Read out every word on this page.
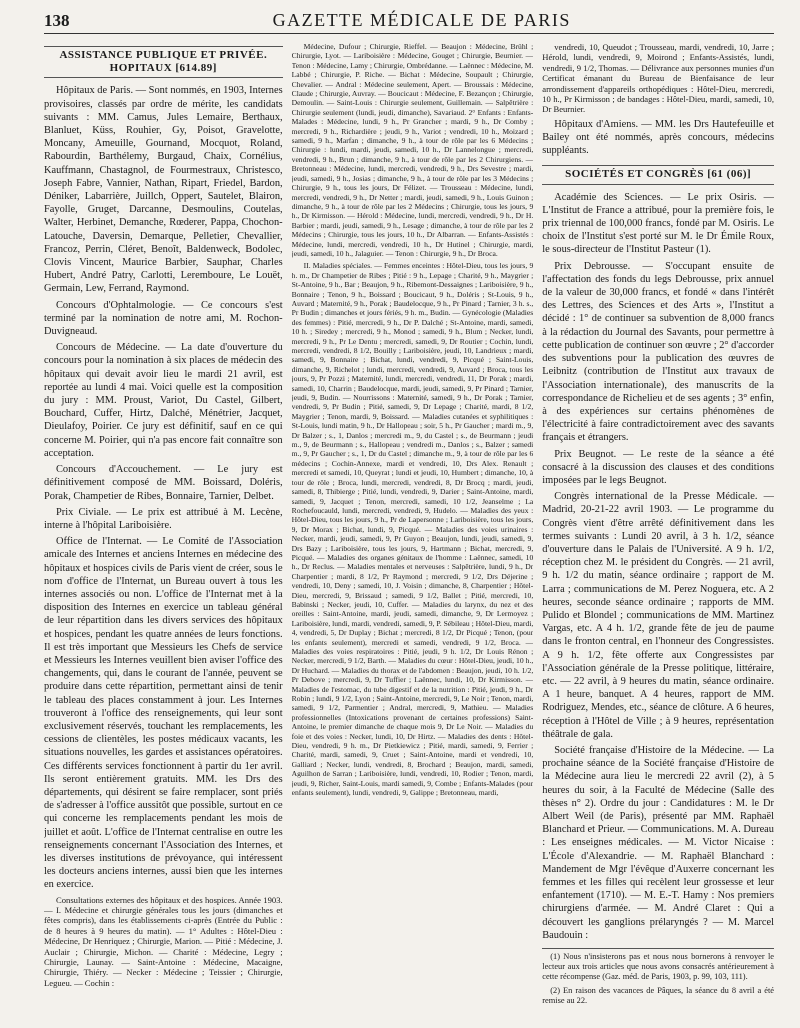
138	GAZETTE MÉDICALE DE PARIS
ASSISTANCE PUBLIQUE ET PRIVÉE. HOPITAUX [614.89]

Hôpitaux de Paris. — Sont nommés, en 1903, Internes provisoires, classés par ordre de mérite, les candidats suivants : MM. Camus, Jules Lemaire, Berthaux, Blanluet, Küss, Rouhier, Gy, Poisot, Gravelotte, Moncany, Ameuille, Gournand, Mocquot, Roland, Rabourdin, Barthélemy, Burgaud, Chaix, Cornélius, Kauffmann, Chastagnol, de Fourmestraux, Christesco, Joseph Fabre, Vannier, Nathan, Ripart, Friedel, Bardon, Déniker, Labarrière, Juillch, Oppert, Sautelet, Blairon, Fayolle, Gruget, Darcanne, Desmoulins, Coutelas, Walter, Herbinet, Demanche, Rœderer, Pappa, Chochon-Latouche, Daversin, Demarque, Pelletier, Chevallier, Francoz, Perrin, Cléret, Benoît, Baldenweck, Bodolec, Clovis Vincent, Maurice Barbier, Sauphar, Charles Hubert, André Patry, Carlotti, Lerembourе, Le Louët, Germain, Lew, Ferrand, Raymond.

Concours d'Ophtalmologie. — Ce concours s'est terminé par la nomination de notre ami, M. Rochon-Duvigneaud.

Concours de Médecine. — La date d'ouverture du concours pour la nomination à six places de médecin des hôpitaux qui devait avoir lieu le mardi 21 avril, est reportée au lundi 4 mai. Voici quelle est la composition du jury : MM. Proust, Variot, Du Castel, Gilbert, Bouchard, Cuffer, Hirtz, Dalché, Ménétrier, Jacquet, Dieulafoy, Poirier. Ce jury est définitif, sauf en ce qui concerne M. Poirier, qui n'a pas encore fait connaître son acceptation.

Concours d'Accouchement. — Le jury est définitivement composé de MM. Boissard, Doléris, Porak, Champetier de Ribes, Bonnaire, Tarnier, Delbet.

Prix Civiale. — Le prix est attribué à M. Lecène, interne à l'hôpital Lariboisière.

Office de l'Internat. — Le Comité de l'Association amicale des Internes et anciens Internes en médecine des hôpitaux et hospices civils de Paris vient de créer, sous le nom d'office de l'Internat, un Bureau ouvert à tous les internes associés ou non. L'office de l'Internat met à la disposition des Internes en exercice un tableau général de leur répartition dans les divers services des hôpitaux et hospices, pendant les quatre années de leurs fonctions. Il est très important que Messieurs les Chefs de service et Messieurs les Internes veuillent bien aviser l'office des changements, qui, dans le courant de l'année, peuvent se produire dans cette répartition, permettant ainsi de tenir le tableau des places constamment à jour. Les Internes trouveront à l'office des renseignements, qui leur sont exclusivement réservés, touchant les remplacements, les cessions de clientèles, les postes médicaux vacants, les situations nouvelles, les gardes et assistances opératoires. Ces différents services fonctionnent à partir du 1er avril. Ils seront entièrement gratuits. MM. les Drs des départements, qui désirent se faire remplacer, sont priés de s'adresser à l'office aussitôt que possible, surtout en ce qui concerne les remplacements pendant les mois de juillet et août. L'office de l'Internat centralise en outre les renseignements concernant l'Association des Internes, et les diverses institutions de prévoyance, qui intéressent les docteurs anciens internes, aussi bien que les internes en exercice.

Consultations externes des hôpitaux et des hospices. Année 1903. — I. Médecine et chirurgie générales tous les jours (dimanches et fêtes compris), dans les établissements ci-après (Entrée du Public : de 8 heures à 9 heures du matin). — 1° Adultes : Hôtel-Dieu : Médecine, Dr Henriquez ; Chirurgie, Marion. — Pitié : Médecine, J. Auclair ; Chirurgie, Michon. — Charité : Médecine, Legry ; Chirurgie, Launay. — Saint-Antoine : Médecine, Macaigne, Chirurgie, Thiéry. — Necker : Médecine ; Teissier ; Chirurgie, Legueu. — Cochin :

Médecine, Dufour ; Chirurgie, Rieffel. — Beaujon : Médecine, Brühl ; Chirurgie, Lyot. — Lariboisière : Médecine, Gouget ; Chirurgie, Beurnier. — Tenon : Médecine, Lamy ; Chirurgie, Ombrédanne. — Laënnec : Médecine, M. Labbé ; Chirurgie, P. Riche. — Bichat : Médecine, Soupault ; Chirurgie, Chevalier. — Andral : Médecine seulement, Apert. — Broussais : Médecine, Claude ; Chirurgie, Auvray. — Boucicaut : Médecine, F. Bezançon ; Chirurgie, Demoulin. — Saint-Louis : Chirurgie seulement, Guillemain. — Salpêtrière : Chirurgie seulement (lundi, jeudi, dimanche), Savariaud. 2° Enfants : Enfants-Malades : Médecine, lundi, 9 h., Pr Grancher ; mardi, 9 h., Dr Comby ; mercredi, 9 h., Richardière ; jeudi, 9 h., Variot ; vendredi, 10 h., Moizard ; samedi, 9 h., Marfan ; dimanche, 9 h., à tour de rôle par les 6 Médecins ; Chirurgie : lundi, mardi, jeudi, samedi, 10 h., Dr Lannelongue ; mercredi, vendredi, 9 h., Brun ; dimanche, 9 h., à tour de rôle par les 2 Chirurgiens. — Bretonneau : Médecine, lundi, mercredi, vendredi, 9 h., Drs Sevestre ; mardi, jeudi, samedi, 9 h., Josias ; dimanche, 9 h., à tour de rôle par les 3 Médecins ; Chirurgie, 9 h., tous les jours, Dr Félizet. — Trousseau : Médecine, lundi, mercredi, vendredi, 9 h., Dr Netter ; mardi, jeudi, samedi, 9 h., Louis Guinon ; dimanche, 9 h., à tour de rôle par les 2 Médecins ; Chirurgie, tous les jours, 9 h., Dr Kirmisson. — Hérold : Médecine, lundi, mercredi, vendredi, 9 h., Dr H. Barbier ; mardi, jeudi, samedi, 9 h., Lesage ; dimanche, à tour de rôle par les 2 Médecins ; Chirurgie, tous les jours, 10 h., Dr Albarran. — Enfants-Assistés : Médecine, lundi, mercredi, vendredi, 10 h., Dr Hutinel ; Chirurgie, mardi, jeudi, samedi, 10 h., Jalaguier. — Tenon : Chirurgie, 9 h., Dr Broca.

II. Maladies spéciales. — Femmes enceintes : Hôtel-Dieu, tous les jours, 9 h. m., Dr Champetier de Ribes ; Pitié : 9 h., Lepage ; Charité, 9 h., Maygrier ; St-Antoine, 9 h., Bar ; Beaujon, 9 h., Ribemont-Dessaignes ; Lariboisière, 9 h., Bonnaire ; Tenon, 9 h., Boissard ; Boucicaut, 9 h., Doléris ; St-Louis, 9 h., Auvard ; Maternité, 9 h., Porak ; Baudelocque, 9 h., Pr Pinard ; Tarnier, 3 h. s., Pr Budin ; dimanches et jours fériés, 9 h. m., Budin. — Gynécologie (Maladies des femmes) : Pitié, mercredi, 9 h., Dr P. Dalché ; St-Antoine, mardi, samedi, 10 h. ; Siredey ; mercredi, 9 h., Monod ; samedi, 9 h., Blum ; Necker, lundi, mercredi, 9 h., Pr Le Dentu ; mercredi, samedi, 9, Dr Routier ; Cochin, lundi, mercredi, vendredi, 8 1/2, Bouilly ; Lariboisière, jeudi, 10, Landrieux ; mardi, samedi, 9, Bonnaire ; Bichat, lundi, vendredi, 9, Picqué ; Saint-Louis, dimanche, 9, Richelot ; lundi, mercredi, vendredi, 9, Auvard ; Broca, tous les jours, 9, Pr Pozzi ; Maternité, lundi, mercredi, vendredi, 11, Dr Porak ; mardi, samedi, 10, Charrin ; Baudelocque, mardi, jeudi, samedi, 9, Pr Pinard ; Tarnier, jeudi, 9, Budin. — Nourrissons : Maternité, samedi, 9 h., Dr Porak ; Tarnier, vendredi, 9, Pr Budin ; Pitié, samedi, 9, Dr Lepage ; Charité, mardi, 8 1/2, Maygrier ; Tenon, mardi, 9, Boissard. — Maladies cutanées et syphilitiques : St-Louis, lundi matin, 9 h., Dr Hallopeau ; soir, 5 h., Pr Gaucher ; mardi m., 9, Dr Balzer ; s., 1, Danlos ; mercredi m., 9, du Castel ; s., de Beurmann ; jeudi m., 9, de Beurmann ; s., Hallopeau ; vendredi m., Danlos ; s., Balzer ; samedi m., 9, Pr Gaucher ; s., 1, Dr du Castel ; dimanche m., 9, à tour de rôle par les 6 médecins ; Cochin-Annexe, mardi et vendredi, 10, Drs Alex. Renault ; mercredi et samedi, 10, Queyrat ; lundi et jeudi, 10, Humbert ; dimanche, 10, à tour de rôle ; Broca, lundi, mercredi, vendredi, 8, Dr Brocq ; mardi, jeudi, samedi, 8, Thibierge ; Pitié, lundi, vendredi, 9, Darier ; Saint-Antoine, mardi, samedi, 9, Jacquet ; Tenon, mercredi, samedi, 10 1/2, Jeanselme ; La Rochefoucauld, lundi, mercredi, vendredi, 9, Hudelo. — Maladies des yeux : Hôtel-Dieu, tous les jours, 9 h., Pr de Lapersonne ; Lariboisière, tous les jours, 9, Dr Morax ; Bichat, lundi, 9, Picqué. — Maladies des voies urinaires : Necker, mardi, jeudi, samedi, 9, Pr Guyon ; Beaujon, lundi, jeudi, samedi, 9, Drs Bazy ; Lariboisière, tous les jours, 9, Hartmann ; Bichat, mercredi, 9, Picqué. — Maladies des organes génitaux de l'homme : Laënnec, samedi, 10 h., Dr Reclus. — Maladies mentales et nerveuses : Salpêtrière, lundi, 9 h., Dr Charpentier ; mardi, 8 1/2, Pr Raymond ; mercredi, 9 1/2, Drs Déjerine ; vendredi, 10, Deny ; samedi, 10, J. Voisin ; dimanche, 8, Charpentier ; Hôtel-Dieu, mercredi, 9, Brissaud ; samedi, 9 1/2, Ballet ; Pitié, mercredi, 10, Babinski ; Necker, jeudi, 10, Cuffer. — Maladies du larynx, du nez et des oreilles : Saint-Antoine, mardi, jeudi, samedi, dimanche, 9, Dr Lermoyez ; Lariboisière, lundi, mardi, vendredi, samedi, 9, P. Sébileau ; Hôtel-Dieu, mardi, 4, vendredi, 5, Dr Duplay ; Bichat ; mercredi, 8 1/2, Dr Picqué ; Tenon, (pour les enfants seulement), mercredi et samedi, vendredi, 9 1/2, Broca. — Maladies des voies respiratoires : Pitié, jeudi, 9 h. 1/2, Dr Louis Rénon ; Necker, mercredi, 9 1/2, Barth. — Maladies du cœur : Hôtel-Dieu, jeudi, 10 h., Dr Huchard. — Maladies du thorax et de l'abdomen : Beaujon, jeudi, 10 h. 1/2, Pr Debove ; mercredi, 9, Dr Tuffier ; Laënnec, lundi, 10, Dr Kirmisson. — Maladies de l'estomac, du tube digestif et de la nutrition : Pitié, jeudi, 9 h., Dr Robin ; lundi, 9 1/2, Lyon ; Saint-Antoine, mercredi, 9, Le Noir ; Tenon, mardi, samedi, 9 1/2, Parmentier ; Andral, mercredi, 9, Mathieu. — Maladies professionnelles (Intoxications provenant de certaines professions) Saint-Antoine, le premier dimanche de chaque mois 9, Dr Le Noir. — Maladies du foie et des voies : Necker, lundi, 10, Dr Hirtz. — Maladies des dents : Hôtel-Dieu, vendredi, 9 h. m., Dr Pietkiewicz ; Pitié, mardi, samedi, 9, Ferrier ; Charité, mardi, samedi, 9, Cruet ; Saint-Antoine, mardi et vendredi, 10, Galliard ; Necker, lundi, vendredi, 8, Brochard ; Beaujon, mardi, samedi, Aguilhon de Sarran ; Lariboisière, lundi, vendredi, 10, Rodier ; Tenon, mardi, jeudi, 9, Richer, Saint-Louis, mardi samedi, 9, Combe ; Enfants-Malades (pour enfants seulement), lundi, vendredi, 9, Galippe ; Bretonneau, mardi,

vendredi, 10, Queudot ; Trousseau, mardi, vendredi, 10, Jarre ; Hérold, lundi, vendredi, 9, Moirond ; Enfants-Assistés, lundi, vendredi, 9 1/2, Thomas. — Délivrance aux personnes munies d'un Certificat émanant du Bureau de Bienfaisance de leur arrondissement d'appareils orthopédiques : Hôtel-Dieu, mercredi, 10 h., Pr Kirmisson ; de bandages : Hôtel-Dieu, mardi, samedi, 10, Dr Beurnier.

Hôpitaux d'Amiens. — MM. les Drs Hautefeuille et Bailey ont été nommés, après concours, médecins suppléants.

SOCIÉTÉS ET CONGRÈS [61 (06)]

Académie des Sciences. — Le prix Osiris. — L'Institut de France a attribué, pour la première fois, le prix triennal de 100,000 francs, fondé par M. Osiris. Le choix de l'Institut s'est porté sur M. le Dr Émile Roux, le sous-directeur de l'Institut Pasteur (1).

Prix Debrousse. — S'occupant ensuite de l'affectation des fonds du legs Debrousse, prix annuel de la valeur de 30,000 francs, et fondé « dans l'intérêt des Lettres, des Sciences et des Arts », l'Institut a décidé : 1° de continuer sa subvention de 8,000 francs à la rédaction du Journal des Savants, pour permettre à cette publication de continuer son œuvre ; 2° d'accorder des subventions pour la publication des œuvres de Leibnitz (contribution de l'Institut aux travaux de l'Association internationale), des manuscrits de la correspondance de Richelieu et de ses agents ; 3° enfin, à des expériences sur certains phénomènes de l'électricité à faire contradictoirement avec des savants français et étrangers.

Prix Beugnot. — Le reste de la séance a été consacré à la discussion des clauses et des conditions imposées par le legs Beugnot.

Congrès international de la Presse Médicale. — Madrid, 20-21-22 avril 1903. — Le programme du Congrès vient d'être arrêté définitivement dans les termes suivants : Lundi 20 avril, à 3 h. 1/2, séance d'ouverture dans le Palais de l'Université. A 9 h. 1/2, réception chez M. le président du Congrès. — 21 avril, 9 h. 1/2 du matin, séance ordinaire ; rapport de M. Larra ; communications de M. Perez Noguera, etc. A 2 heures, seconde séance ordinaire ; rapports de MM. Pulido et Blondel ; communications de MM. Martinez Vargas, etc. A 4 h. 1/2, grande fête de jeu de paume dans le fronton central, en l'honneur des Congressistes. A 9 h. 1/2, fête offerte aux Congressistes par l'Association générale de la Presse politique, littéraire, etc. — 22 avril, à 9 heures du matin, séance ordinaire. A 1 heure, banquet. A 4 heures, rapport de MM. Rodriguez, Mendes, etc., séance de clôture. A 6 heures, réception à l'Hôtel de Ville ; à 9 heures, représentation théâtrale de gala.

Société française d'Histoire de la Médecine. — La prochaine séance de la Société française d'Histoire de la Médecine aura lieu le mercredi 22 avril (2), à 5 heures du soir, à la Faculté de Médecine (Salle des thèses n° 2). Ordre du jour : Candidatures : M. le Dr Albert Weil (de Paris), présenté par MM. Raphaël Blanchard et Prieur. — Communications. M. A. Dureau : Les enseignes médicales. — M. Victor Nicaise : L'École d'Alexandrie. — M. Raphaël Blanchard : Mandement de Mgr l'évêque d'Auxerre concernant les femmes et les filles qui recèlent leur grossesse et leur enfantement (1710). — M. E.-T. Hamy : Nos premiers chirurgiens d'armée. — M. André Claret : Qui a découvert les ganglions prélaryngés ? — M. Marcel Baudouin :

(1) Nous n'insisterons pas et nous nous bornerons à renvoyer le lecteur aux trois articles que nous avons consacrés antérieurement à cette récompense (Gaz. méd. de Paris, 1903, p. 99, 103, 111).

(2) En raison des vacances de Pâques, la séance du 8 avril a été remise au 22.
